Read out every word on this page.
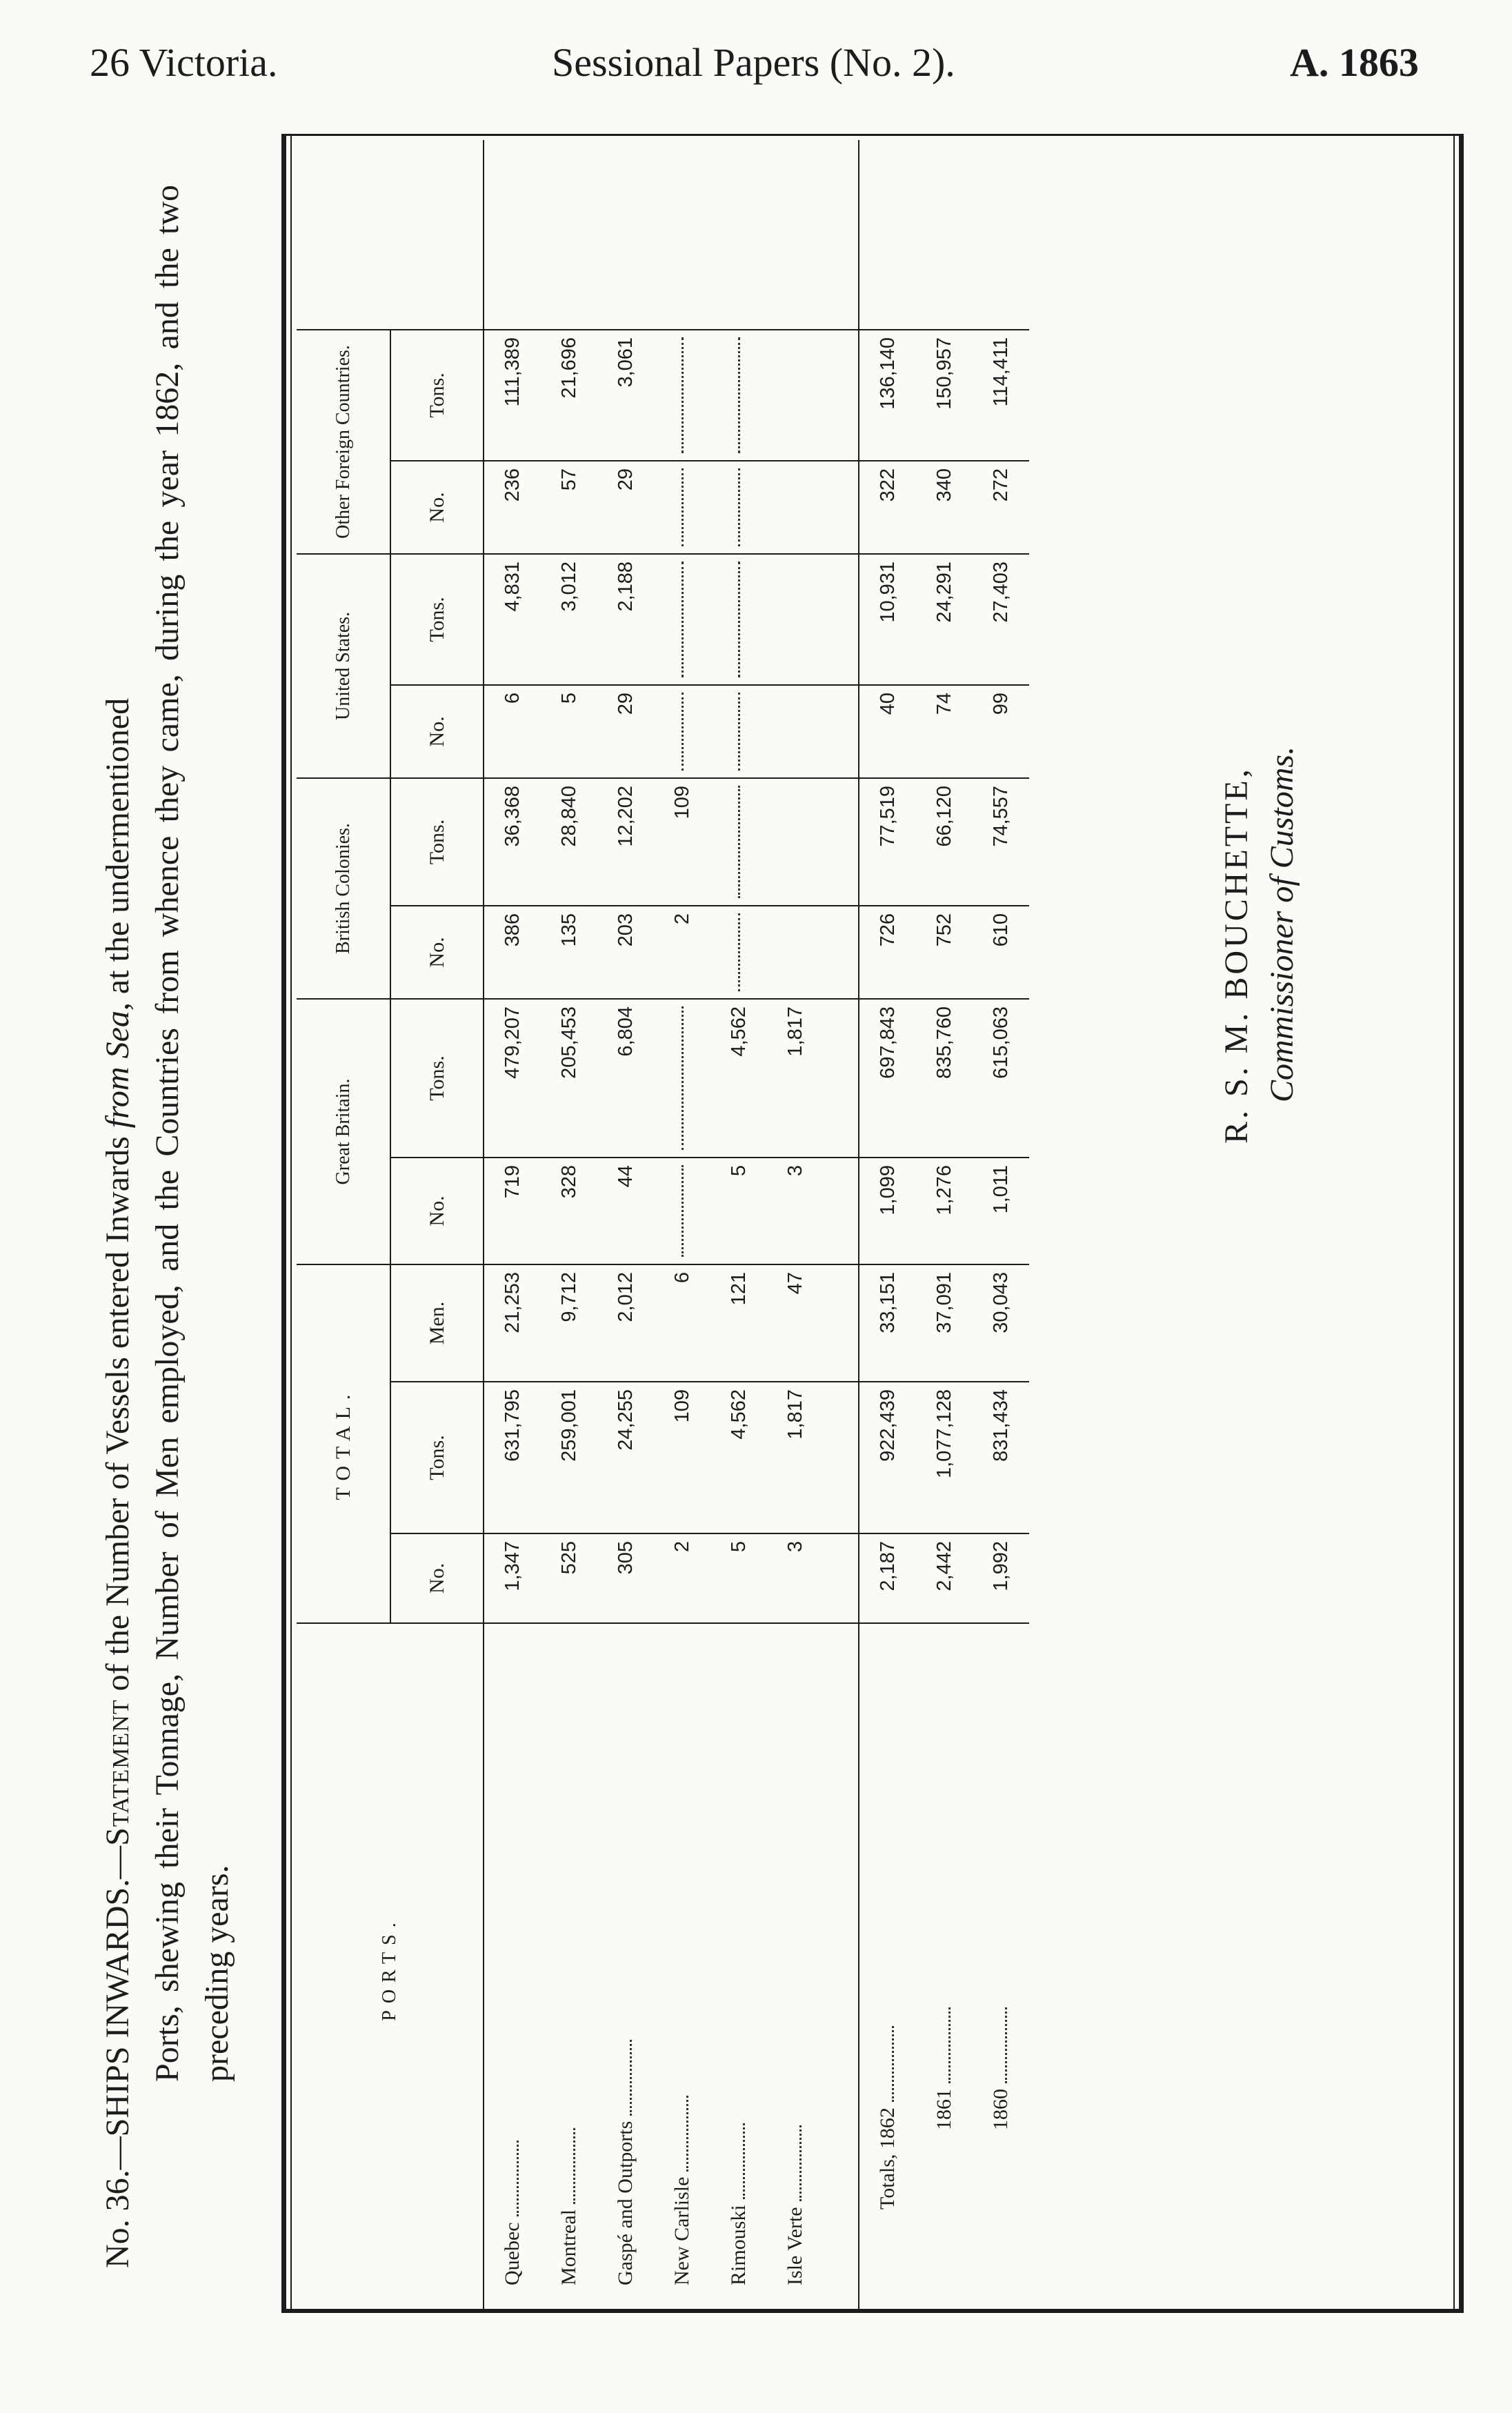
26 Victoria.	Sessional Papers (No. 2).	A. 1863
No. 36.—SHIPS INWARDS.—Statement of the Number of Vessels entered Inwards from Sea, at the undermentioned Ports, shewing their Tonnage, Number of Men employed, and the Countries from whence they came, during the year 1862, and the two preceding years.	PORTS.	TOTAL.			Great Britain.		British Colonies.		United States.		Other Foreign Countries.		
	No.	Tons.	Men.	No.	Tons.	No.	Tons.	No.	Tons.	No.	Tons.	
Quebec	1,347	631,795	21,253	719	479,207	386	36,368	6	4,831	236	111,389	
Montreal	525	259,001	9,712	328	205,453	135	28,840	5	3,012	57	21,696	
Gaspé and Outports	305	24,255	2,012	44	6,804	203	12,202	29	2,188	29	3,061	
New Carlisle	2	109	6			2	109	

Rimouski	5	4,562	121	5	4,562	

Isle Verte	3	1,817	47	3	1,817							

Totals, 1862	2,187	922,439	33,151	1,099	697,843	726	77,519	40	10,931	322	136,140	
1861	2,442	1,077,128	37,091	1,276	835,760	752	66,120	74	24,291	340	150,957	
1860	1,992	831,434	30,043	1,011	615,063	610	74,557	99	27,403	272	114,411	
R. S. M. BOUCHETTE, Commissioner of Customs.
